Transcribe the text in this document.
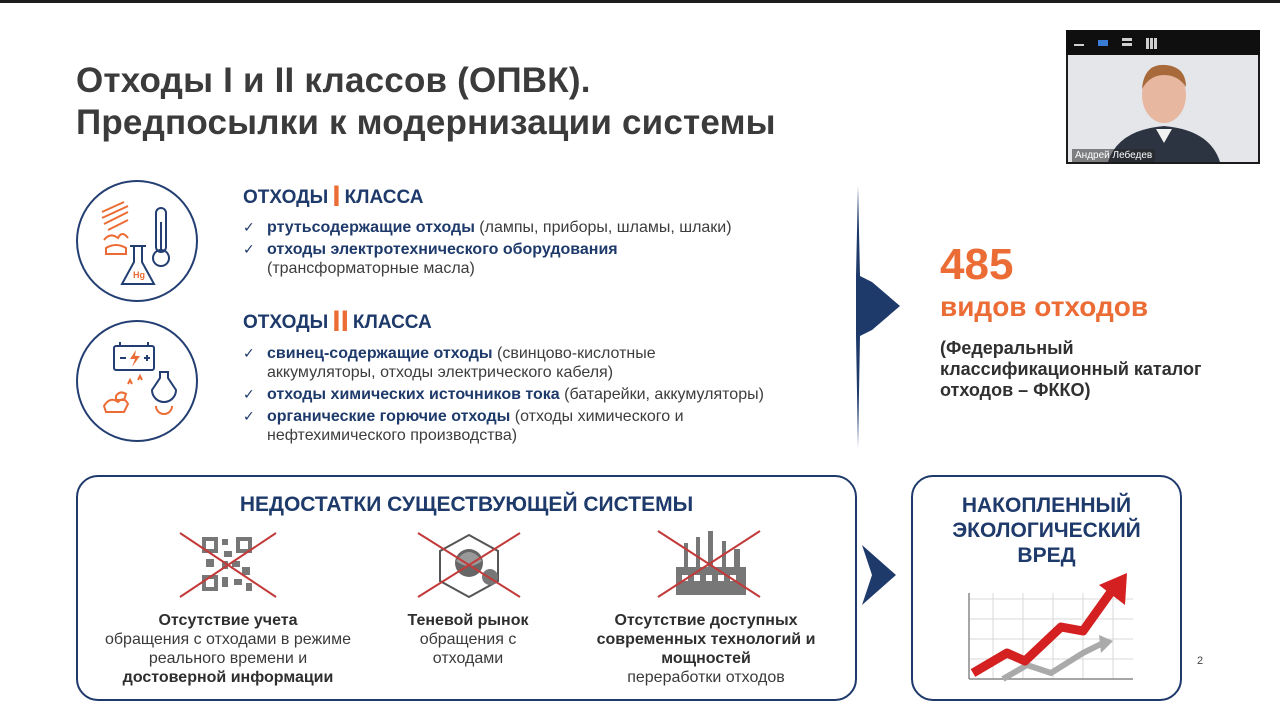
Отходы I и II классов (ОПВК).
Предпосылки к модернизации системы
Hg
ОТХОДЫ I КЛАССА
✓ ртутьсодержащие отходы (лампы, приборы, шламы, шлаки)
✓ отходы электротехнического оборудования (трансформаторные масла)
ОТХОДЫ II КЛАССА
✓ свинец-содержащие отходы (свинцово-кислотные аккумуляторы, отходы электрического кабеля)
✓ отходы химических источников тока (батарейки, аккумуляторы)
✓ органические горючие отходы (отходы химического и нефтехимического производства)
485
видов отходов
(Федеральный классификационный каталог отходов – ФККО)
НЕДОСТАТКИ СУЩЕСТВУЮЩЕЙ СИСТЕМЫ
Отсутствие учета
обращения с отходами в режиме реального времени и
достоверной информации
Теневой рынок
обращения с отходами
Отсутствие доступных современных технологий и мощностей
переработки отходов
НАКОПЛЕННЫЙ ЭКОЛОГИЧЕСКИЙ ВРЕД
Андрей Лебедев
2
